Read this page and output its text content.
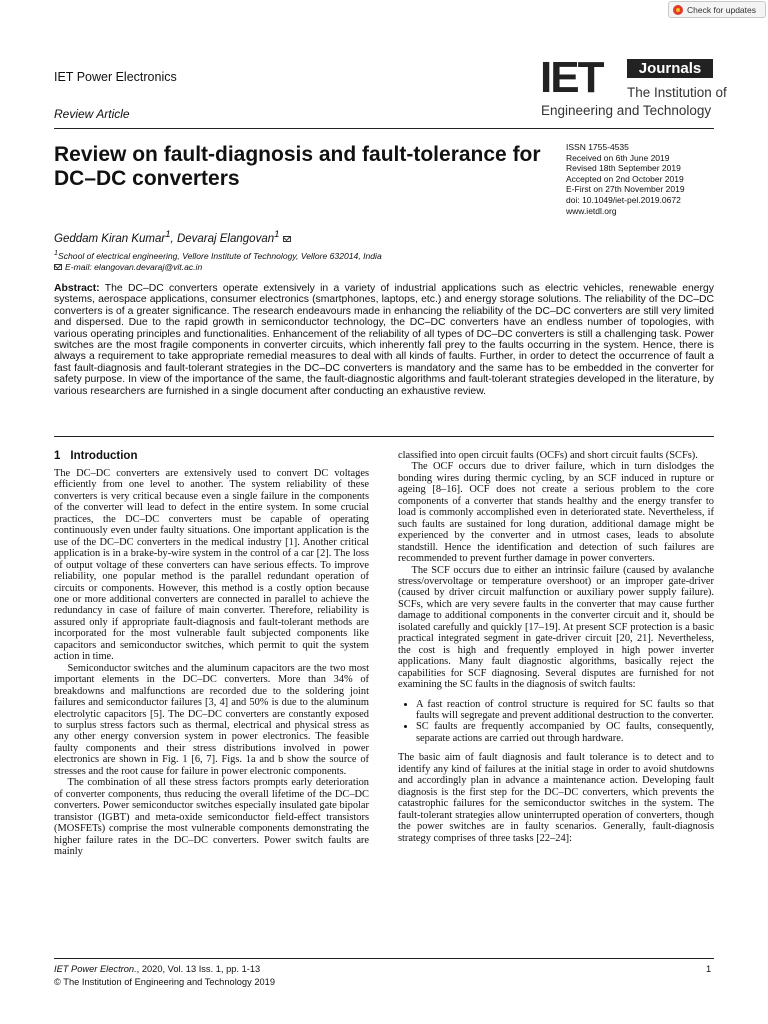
Check for updates
IET Power Electronics
Review Article
IET	Journals
The Institution of
Engineering and Technology
Review on fault-diagnosis and fault-tolerance for DC–DC converters
ISSN 1755-4535
Received on 6th June 2019
Revised 18th September 2019
Accepted on 2nd October 2019
E-First on 27th November 2019
doi: 10.1049/iet-pel.2019.0672
www.ietdl.org
Geddam Kiran Kumar$^1$, Devaraj Elangovan$^1$
$^1$School of electrical engineering, Vellore Institute of Technology, Vellore 632014, India
E-mail: elangovan.devaraj@vit.ac.in

Abstract: The DC–DC converters operate extensively in a variety of industrial applications such as electric vehicles, renewable energy systems, aerospace applications, consumer electronics (smartphones, laptops, etc.) and energy storage solutions. The reliability of the DC–DC converters is of a greater significance. The research endeavours made in enhancing the reliability of the DC–DC converters are still very limited and dispersed. Due to the rapid growth in semiconductor technology, the DC–DC converters have an endless number of topologies, with various operating principles and functionalities. Enhancement of the reliability of all types of DC–DC converters is still a challenging task. Power switches are the most fragile components in converter circuits, which inherently fall prey to the faults occurring in the system. Hence, there is always a requirement to take appropriate remedial measures to deal with all kinds of faults. Further, in order to detect the occurrence of fault a fast fault-diagnosis and fault-tolerant strategies in the DC–DC converters is mandatory and the same has to be embedded in the converter for safety purpose. In view of the importance of the same, the fault-diagnostic algorithms and fault-tolerant strategies developed in the literature, by various researchers are furnished in a single document after conducting an exhaustive review.

1 Introduction

The DC–DC converters are extensively used to convert DC voltages efficiently from one level to another. The system reliability of these converters is very critical because even a single failure in the components of the converter will lead to defect in the entire system. In some crucial practices, the DC–DC converters must be capable of operating continuously even under faulty situations. One important application is the use of the DC–DC converters in the medical industry [1]. Another critical application is in a brake-by-wire system in the control of a car [2]. The loss of output voltage of these converters can have serious effects. To improve reliability, one popular method is the parallel redundant operation of circuits or components. However, this method is a costly option because one or more additional converters are connected in parallel to achieve the redundancy in case of failure of main converter. Therefore, reliability is assured only if appropriate fault-diagnosis and fault-tolerant methods are incorporated for the most vulnerable fault subjected components like capacitors and semiconductor switches, which permit to quit the system action in time.

Semiconductor switches and the aluminum capacitors are the two most important elements in the DC–DC converters. More than 34% of breakdowns and malfunctions are recorded due to the soldering joint failures and semiconductor failures [3, 4] and 50% is due to the aluminum electrolytic capacitors [5]. The DC–DC converters are constantly exposed to surplus stress factors such as thermal, electrical and physical stress as any other energy conversion system in power electronics. The feasible faulty components and their stress distributions involved in power electronics are shown in Fig. 1 [6, 7]. Figs. 1a and b show the source of stresses and the root cause for failure in power electronic components.

The combination of all these stress factors prompts early deterioration of converter components, thus reducing the overall lifetime of the DC–DC converters. Power semiconductor switches especially insulated gate bipolar transistor (IGBT) and meta-oxide semiconductor field-effect transistors (MOSFETs) comprise the most vulnerable components demonstrating the higher failure rates in the DC–DC converters. Power switch faults are mainly

classified into open circuit faults (OCFs) and short circuit faults (SCFs).

The OCF occurs due to driver failure, which in turn dislodges the bonding wires during thermic cycling, by an SCF induced in rupture or ageing [8–16]. OCF does not create a serious problem to the core components of a converter that stands healthy and the energy transfer to load is commonly accomplished even in deteriorated state. Nevertheless, if such faults are sustained for long duration, additional damage might be experienced by the converter and in utmost cases, leads to absolute standstill. Hence the identification and detection of such failures are recommended to prevent further damage in power converters.

The SCF occurs due to either an intrinsic failure (caused by avalanche stress/overvoltage or temperature overshoot) or an improper gate-driver (caused by driver circuit malfunction or auxiliary power supply failure). SCFs, which are very severe faults in the converter that may cause further damage to additional components in the converter circuit and it, should be isolated carefully and quickly [17–19]. At present SCF protection is a basic practical integrated segment in gate-driver circuit [20, 21]. Nevertheless, the cost is high and frequently employed in high power inverter applications. Many fault diagnostic algorithms, basically reject the capabilities for SCF diagnosing. Several disputes are furnished for not examining the SC faults in the diagnosis of switch faults:

• A fast reaction of control structure is required for SC faults so that faults will segregate and prevent additional destruction to the converter.
• SC faults are frequently accompanied by OC faults, consequently, separate actions are carried out through hardware.

The basic aim of fault diagnosis and fault tolerance is to detect and to identify any kind of failures at the initial stage in order to avoid shutdowns and accordingly plan in advance a maintenance action. Developing fault diagnosis is the first step for the DC–DC converters, which prevents the catastrophic failures for the semiconductor switches in the system. The fault-tolerant strategies allow uninterrupted operation of converters, though the power switches are in faulty scenarios. Generally, fault-diagnosis strategy comprises of three tasks [22–24]:

IET Power Electron., 2020, Vol. 13 Iss. 1, pp. 1-13
© The Institution of Engineering and Technology 2019
1
